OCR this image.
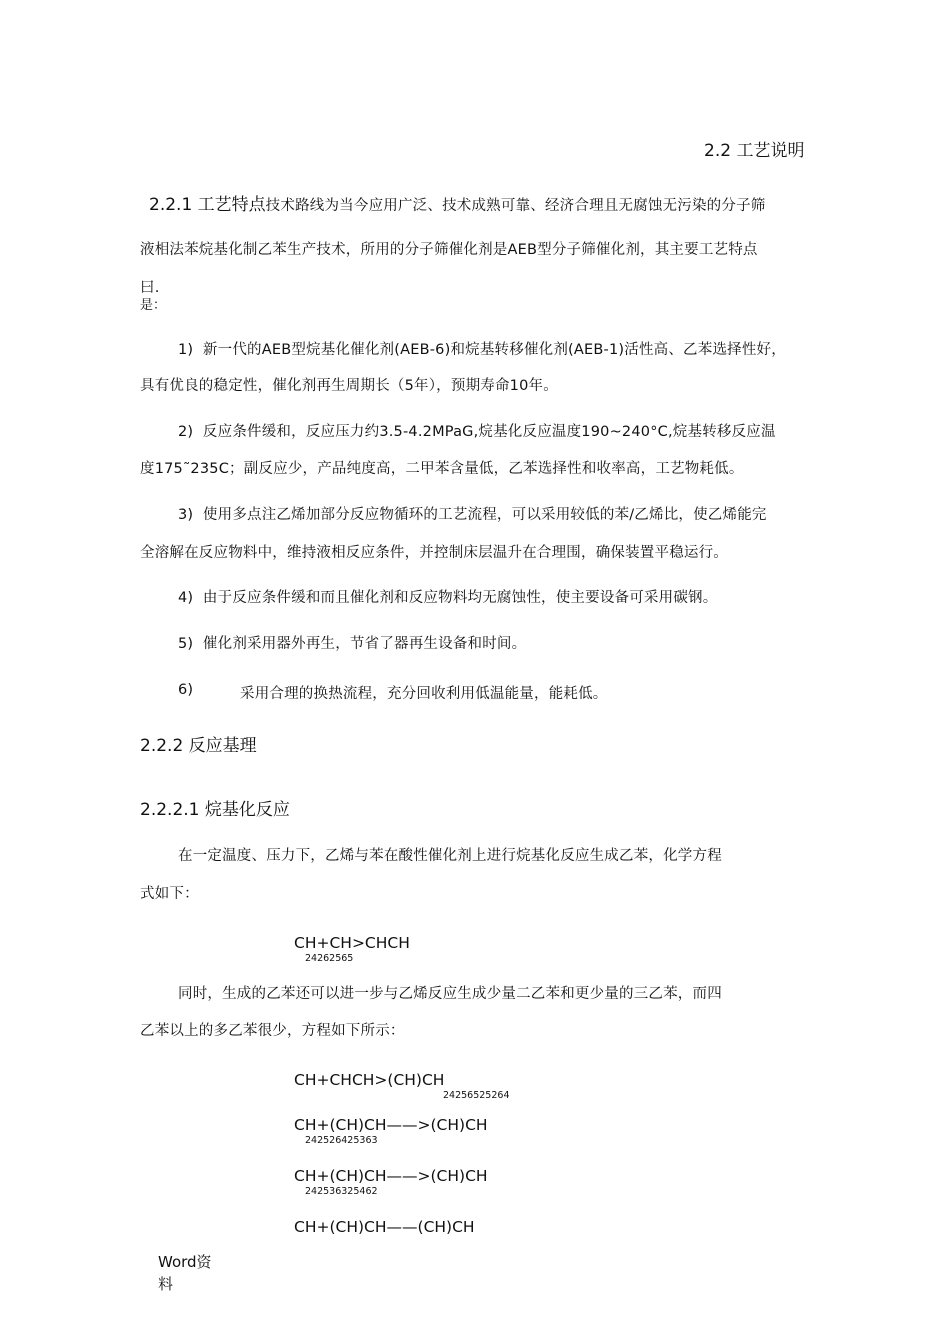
2.2 工艺说明
2.2.1 工艺特点技术路线为当今应用广泛、技术成熟可靠、经济合理且无腐蚀无污染的分子筛
液相法苯烷基化制乙苯生产技术，所用的分子筛催化剂是AEB型分子筛催化剂，其主要工艺特点
曰.
是：
1) 新一代的AEB型烷基化催化剂(AEB-6)和烷基转移催化剂(AEB-1)活性高、乙苯选择性好，
具有优良的稳定性，催化剂再生周期长（5年），预期寿命10年。
2) 反应条件缓和，反应压力约3.5-4.2MPaG,烷基化反应温度190~240°C,烷基转移反应温
度175˜235C；副反应少，产品纯度高，二甲苯含量低，乙苯选择性和收率高，工艺物耗低。
3) 使用多点注乙烯加部分反应物循环的工艺流程，可以采用较低的苯/乙烯比，使乙烯能完
全溶解在反应物料中，维持液相反应条件，并控制床层温升在合理围，确保装置平稳运行。
4) 由于反应条件缓和而且催化剂和反应物料均无腐蚀性，使主要设备可采用碳钢。
5) 催化剂采用器外再生，节省了器再生设备和时间。
6)	采用合理的换热流程，充分回收利用低温能量，能耗低。
2.2.2 反应基理
2.2.2.1 烷基化反应
在一定温度、压力下，乙烯与苯在酸性催化剂上进行烷基化反应生成乙苯，化学方程
式如下：
CH+CH>CHCH
24262565
同时，生成的乙苯还可以进一步与乙烯反应生成少量二乙苯和更少量的三乙苯，而四
乙苯以上的多乙苯很少，方程如下所示：
CH+CHCH>(CH)CH
24256525264
CH+(CH)CH——>(CH)CH
242526425363
CH+(CH)CH——>(CH)CH
242536325462
CH+(CH)CH——(CH)CH
Word资
料
